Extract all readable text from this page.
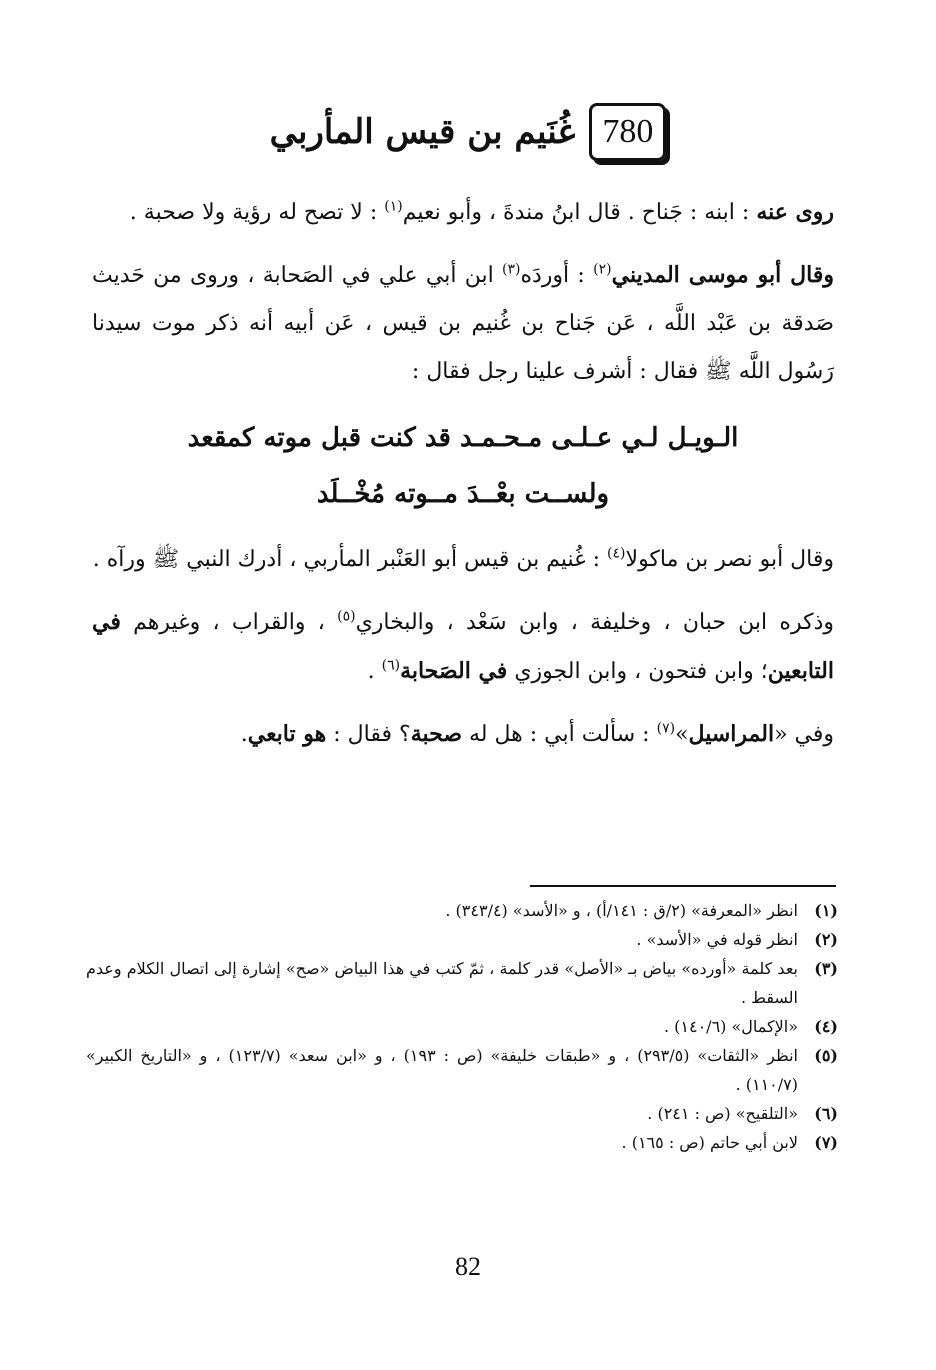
780
غُنَيم بن قيس المأربي

روى عنه : ابنه : جَناح . قال ابنُ مندةَ ، وأبو نعيم$^{(١)}$ : لا تصح له رؤية ولا صحبة .

وقال أبو موسى المديني$^{(٢)}$ : أوردَه$^{(٣)}$ ابن أبي علي في الصَحابة ، وروى من حَديث صَدقة بن عَبْد اللَّه ، عَن جَناح بن غُنيم بن قيس ، عَن أبيه أنه ذكر موت سيدنا رَسُول اللَّه ﷺ فقال : أشرف علينا رجل فقال :

الـويـل لـي عـلـى مـحـمـد قد كنت قبل موته كمقعد
ولســت بعْــدَ مــوته مُخْــلَد

وقال أبو نصر بن ماكولا$^{(٤)}$ : غُنيم بن قيس أبو العَنْبر المأربي ، أدرك النبي ﷺ ورآه .

وذكره ابن حبان ، وخليفة ، وابن سَعْد ، والبخاري$^{(٥)}$ ، والقراب ، وغيرهم في التابعين؛ وابن فتحون ، وابن الجوزي في الصَحابة$^{(٦)}$ .

وفي «المراسيل»$^{(٧)}$ : سألت أبي : هل له صحبة؟ فقال : هو تابعي.

(١)
انظر «المعرفة» (٢/ق : ١٤١/أ) ، و «الأسد» (٣٤٣/٤) .
(٢)
انظر قوله في «الأسد» .
(٣)
بعد كلمة «أورده» بياض بـ «الأصل» قدر كلمة ، ثمّ كتب في هذا البياض «صح» إشارة إلى اتصال الكلام وعدم السقط .
(٤)
«الإكمال» (١٤٠/٦) .
(٥)
انظر «الثقات» (٢٩٣/٥) ، و «طبقات خليفة» (ص : ١٩٣) ، و «ابن سعد» (١٢٣/٧) ، و «التاريخ الكبير» (١١٠/٧) .
(٦)
«التلقيح» (ص : ٢٤١) .
(٧)
لابن أبي حاتم (ص : ١٦٥) .
82
